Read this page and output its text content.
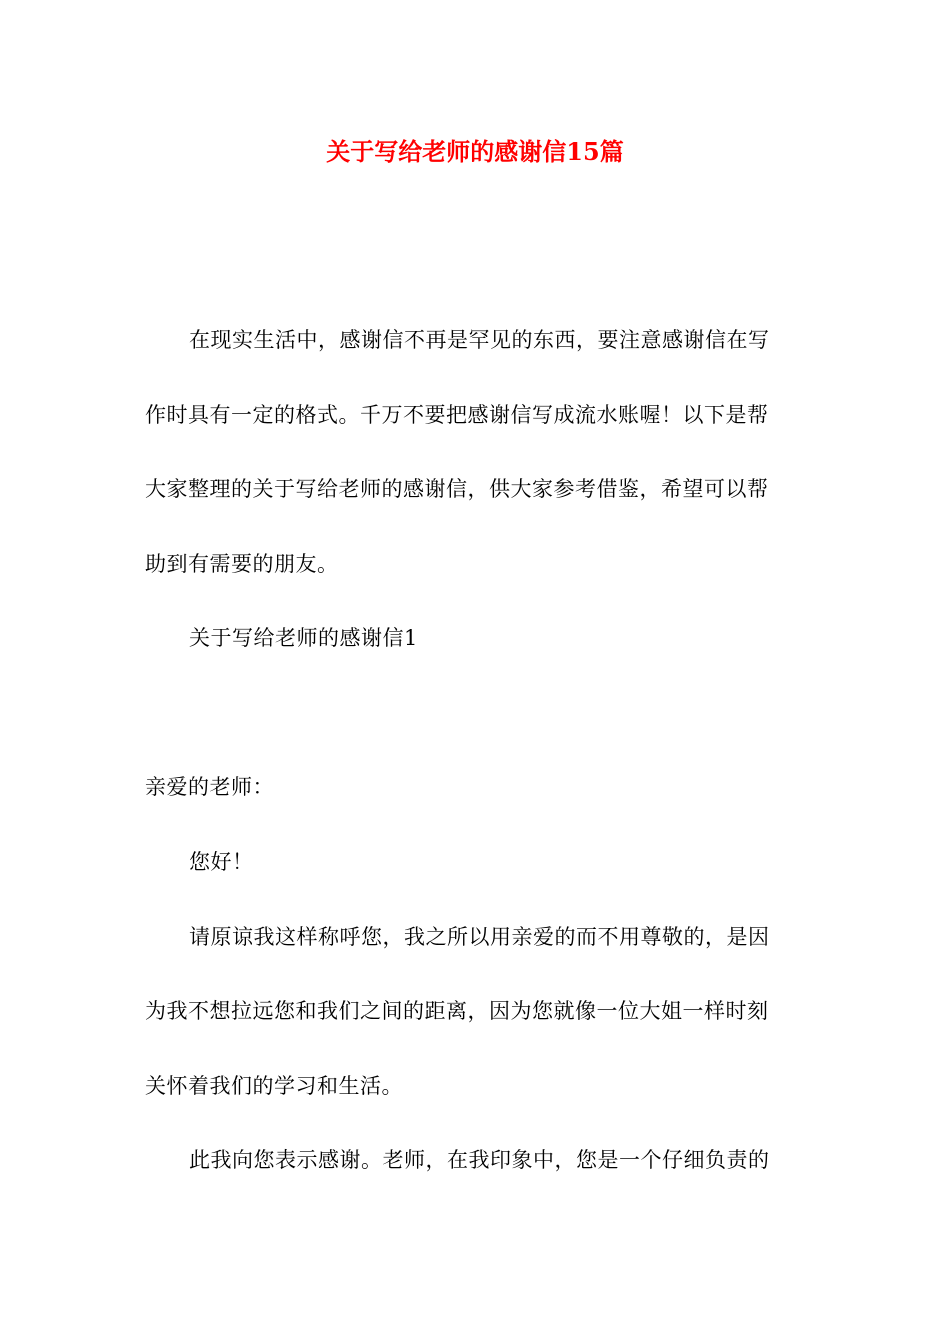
关于写给老师的感谢信15篇
在现实生活中，感谢信不再是罕见的东西，要注意感谢信在写
作时具有一定的格式。千万不要把感谢信写成流水账喔！以下是帮
大家整理的关于写给老师的感谢信，供大家参考借鉴，希望可以帮
助到有需要的朋友。
关于写给老师的感谢信1
亲爱的老师：
您好！
请原谅我这样称呼您，我之所以用亲爱的而不用尊敬的，是因
为我不想拉远您和我们之间的距离，因为您就像一位大姐一样时刻
关怀着我们的学习和生活。
此我向您表示感谢。老师，在我印象中，您是一个仔细负责的
